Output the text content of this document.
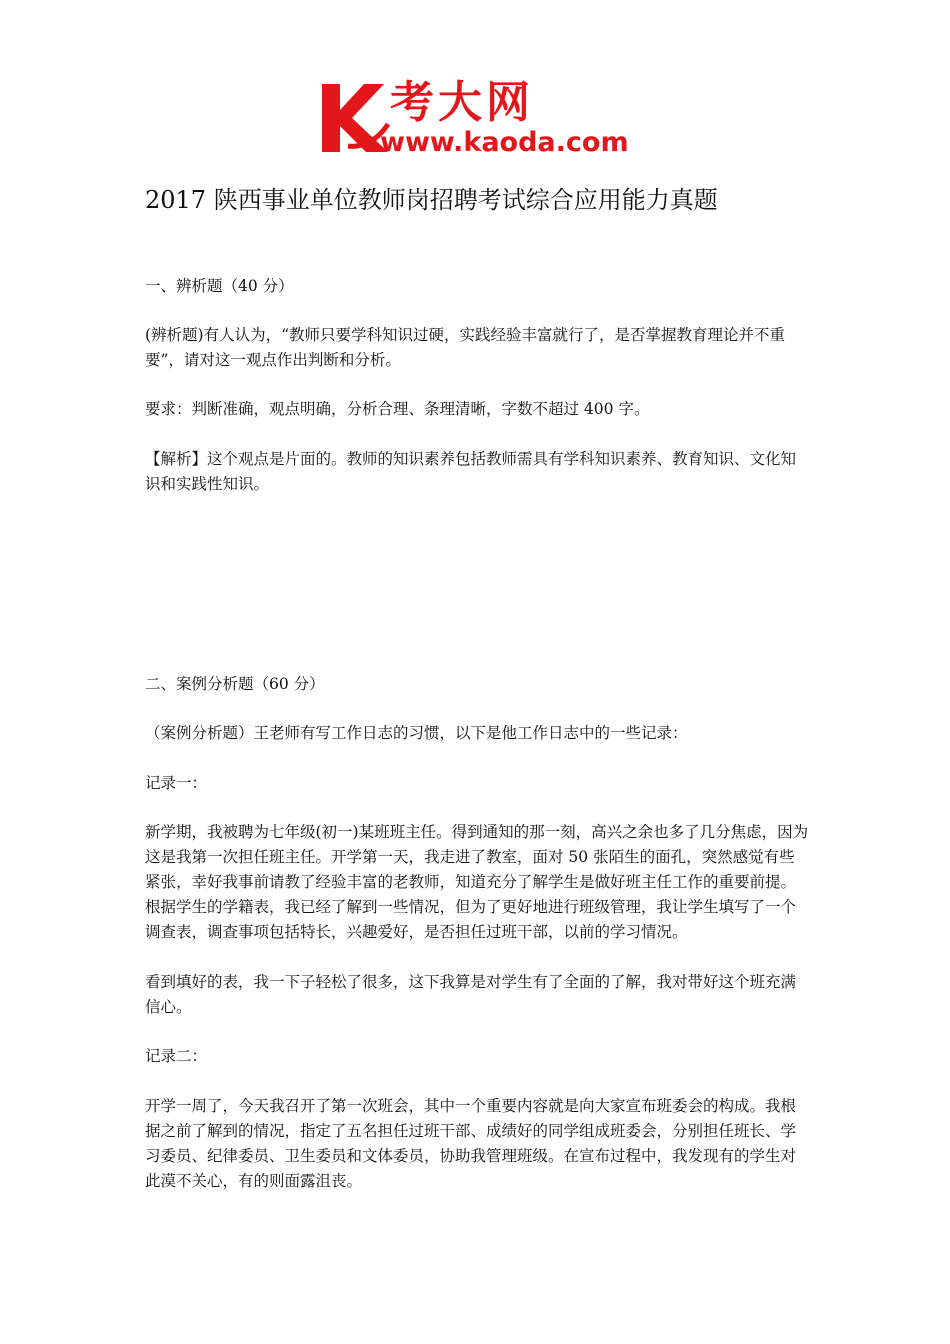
考大网
www.kaoda.com
2017 陕西事业单位教师岗招聘考试综合应用能力真题

一、辨析题（40 分）

(辨析题)有人认为，“教师只要学科知识过硬，实践经验丰富就行了，是否掌握教育理论并不重要”，请对这一观点作出判断和分析。

要求：判断准确，观点明确，分析合理、条理清晰，字数不超过 400 字。

【解析】这个观点是片面的。教师的知识素养包括教师需具有学科知识素养、教育知识、文化知识和实践性知识。

二、案例分析题（60 分）

（案例分析题）王老师有写工作日志的习惯，以下是他工作日志中的一些记录：

记录一：

新学期，我被聘为七年级(初一)某班班主任。得到通知的那一刻，高兴之余也多了几分焦虑，因为这是我第一次担任班主任。开学第一天，我走进了教室，面对 50 张陌生的面孔，突然感觉有些紧张，幸好我事前请教了经验丰富的老教师，知道充分了解学生是做好班主任工作的重要前提。根据学生的学籍表，我已经了解到一些情况，但为了更好地进行班级管理，我让学生填写了一个调查表，调查事项包括特长，兴趣爱好，是否担任过班干部，以前的学习情况。

看到填好的表，我一下子轻松了很多，这下我算是对学生有了全面的了解，我对带好这个班充满信心。

记录二：

开学一周了，今天我召开了第一次班会，其中一个重要内容就是向大家宣布班委会的构成。我根据之前了解到的情况，指定了五名担任过班干部、成绩好的同学组成班委会，分别担任班长、学习委员、纪律委员、卫生委员和文体委员，协助我管理班级。在宣布过程中，我发现有的学生对此漠不关心，有的则面露沮丧。
